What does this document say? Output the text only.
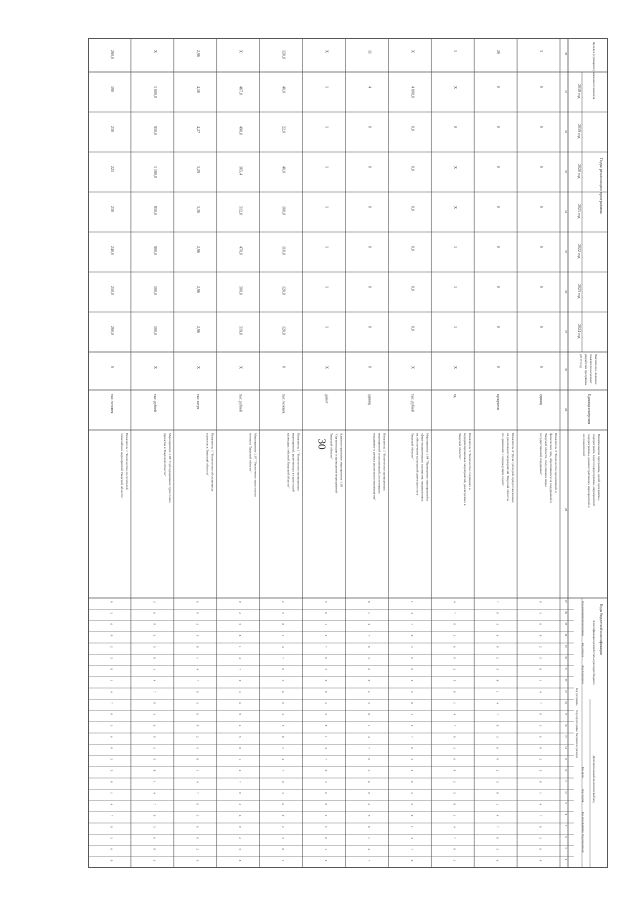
30
Целевое (суммарное) значение показателя
Годы реализации программы
2018 год
2019 год
2020 год
2021 год
2022 год
2023 год
2024 год
Фактическое значение
показателя на момент
разработки программы
(2017 год)
Единица измерения
Наименование программы, целей программы,
подпрограмм, задач подпрограммы, мероприятий
подпрограммы, административных мероприятий и
их показателей
Коды бюджетной классификации
Классификация целевой статьи расходов бюджета
Дополнительный аналитический код
Код цели
Код задачи
Код мероприятия
Код показателя
Код исполнителя программы
Код раздела
Код подраздела
Код программы
Код подпрограммы
Направление расходов
38
31
32
33
34
35
36
37
30
29
28
27
26
25
24
23
22
21
20
19
18
17
16
15
14
13
12
11
10
9
8
7
6
5
4
3
0
0
0
0
0
0
0
0
единиц
Показатель 3 "Количество организаций и
физических лиц, обратившихся за поддержкой в
Тверской области, получивших меры
государственной поддержки"
0
3
6
9
2
5
8
1
4
7
0
3
6
9
2
5
8
1
4
7
0
3
6
9
26
0
0
0
0
0
0
0
0
процентов
Показатель 4 "Доля субсидий, предоставленных
на реализацию мероприятий Тверской области,
по сравнению с предыдущим годом"
7
0
3
6
9
2
5
8
1
4
7
0
3
6
9
2
5
8
1
4
7
0
3
6
1
Х
0
Х
Х
1
1
1
Х
ед.
Показатель 5 "Количество созданных и
модернизированных мероприятий, реализуемых в
Тверской области"
4
7
0
3
6
9
2
5
8
1
4
7
0
3
6
9
2
5
8
1
4
7
0
3
Х
4 000,0
0,0
0,0
0,0
0,0
0,0
0,0
Х
тыс. рублей
Мероприятие 1.04 "Проведение мероприятий в
сфере модернизации и развития, направленных
на обеспечение культурной деятельности в
Тверской области"
1
4
7
0
3
6
9
2
5
8
1
4
7
0
3
6
9
2
5
8
1
4
7
0
11
4
0
0
0
0
0
0
0
единиц
Показатель 1 "Количество проведенных
мероприятий и организаций, получивших
поддержку в рамках реализации мероприятия"
8
1
4
7
0
3
6
9
2
5
8
1
4
7
0
3
6
9
2
5
8
1
4
7
Х
1
1
1
1
1
1
1
Х
да/нет
Административное мероприятие 1.05
"Организация и проведение мероприятий
Тверской области"
5
8
1
4
7
0
3
6
9
2
5
8
1
4
7
0
3
6
9
2
5
8
1
4
120,0
40,0
22,0
40,0
100,0
110,0
120,0
120,0
0
тыс. человек
Показатель 1 "Количество проведенных
мероприятий, включенных в туристский
календарь событий Тверской области"
2
5
8
1
4
7
0
3
6
9
2
5
8
1
4
7
0
3
6
9
2
5
8
1
Х
467,0
490,0
365,4
512,0
470,0
500,0
519,0
Х
тыс. рублей
Мероприятие 1.07 "Увеличение туристского
потока в Тверской области"
9
2
5
8
1
4
7
0
3
6
9
2
5
8
1
4
7
0
3
6
9
2
5
8
2,96
4,56
4,27
3,29
3,36
2,96
2,96
2,96
Х
тыс. штук
Показатель 1 "Количество обслуженных
туристов в Тверской области"
6
9
2
5
8
1
4
7
0
3
6
9
2
5
8
1
4
7
0
3
6
9
2
5
Х
1 000,0
950,0
1 190,0
850,0
900,0
500,0
500,0
Х
тыс. рублей
Мероприятие 1.08 "Субсидирование туристских
проектов в Тверской области"
3
6
9
2
5
8
1
4
7
0
3
6
9
2
5
8
1
4
7
0
3
6
9
2
260,0
190
230
225
230
240,0
250,0
260,0
0
тыс. человек
Показатель 1 "Количество посетителей
событийных мероприятий Тверской области"
0
3
6
9
2
5
8
1
4
7
0
3
6
9
2
5
8
1
4
7
0
3
6
9
